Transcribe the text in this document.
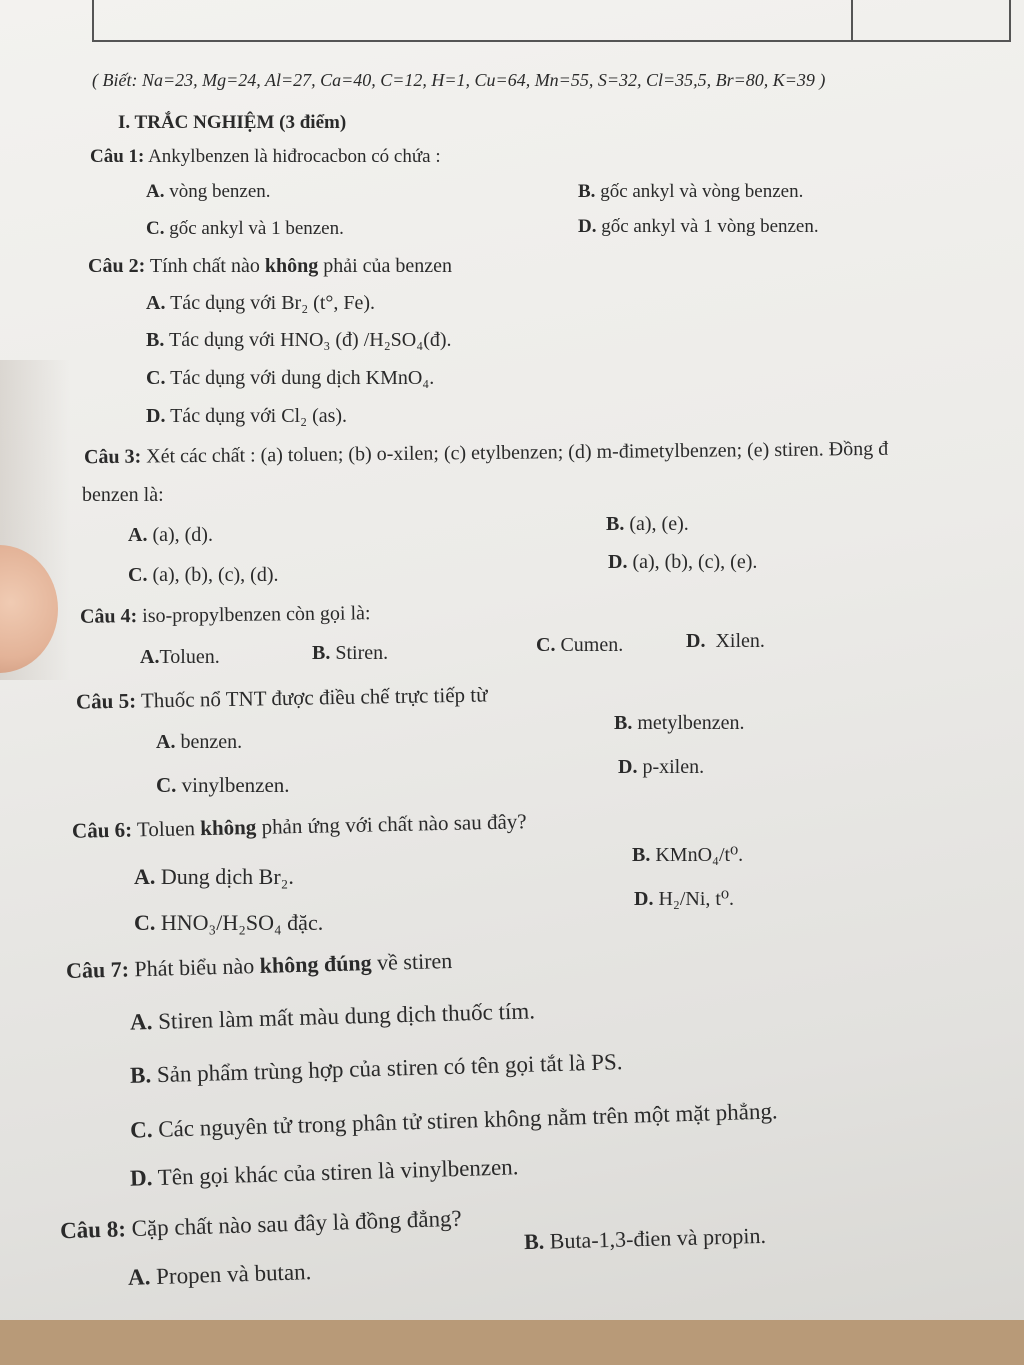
( Biết: Na=23, Mg=24, Al=27, Ca=40, C=12, H=1, Cu=64, Mn=55, S=32, Cl=35,5, Br=80, K=39 )
I. TRẮC NGHIỆM (3 điểm)
Câu 1: Ankylbenzen là hiđrocacbon có chứa :
A. vòng benzen.	B. gốc ankyl và vòng benzen.
C. gốc ankyl và 1 benzen.	D. gốc ankyl và 1 vòng benzen.
Câu 2: Tính chất nào không phải của benzen
A. Tác dụng với Br₂ (t°, Fe).
B. Tác dụng với HNO₃ (đ) /H₂SO₄(đ).
C. Tác dụng với dung dịch KMnO₄.
D. Tác dụng với Cl₂ (as).
Câu 3: Xét các chất : (a) toluen; (b) o-xilen; (c) etylbenzen; (d) m-đimetylbenzen; (e) stiren. Đồng đ
benzen là:
A. (a), (d).	B. (a), (e).
C. (a), (b), (c), (d).
D. (a), (b), (c), (e).
Câu 4: iso-propylbenzen còn gọi là:
A.Toluen.	B. Stiren.	C. Cumen.	D. Xilen.
Câu 5: Thuốc nổ TNT được điều chế trực tiếp từ
A. benzen.
B. metylbenzen.
C. vinylbenzen.
D. p-xilen.
Câu 6: Toluen không phản ứng với chất nào sau đây?
A. Dung dịch Br₂.
B. KMnO₄/t⁰.
C. HNO₃/H₂SO₄ đặc.
D. H₂/Ni, t⁰.
Câu 7: Phát biểu nào không đúng về stiren
A. Stiren làm mất màu dung dịch thuốc tím.
B. Sản phẩm trùng hợp của stiren có tên gọi tắt là PS.
C. Các nguyên tử trong phân tử stiren không nằm trên một mặt phẳng.
D. Tên gọi khác của stiren là vinylbenzen.
Câu 8: Cặp chất nào sau đây là đồng đẳng?
A. Propen và butan.
B. Buta-1,3-đien và propin.
